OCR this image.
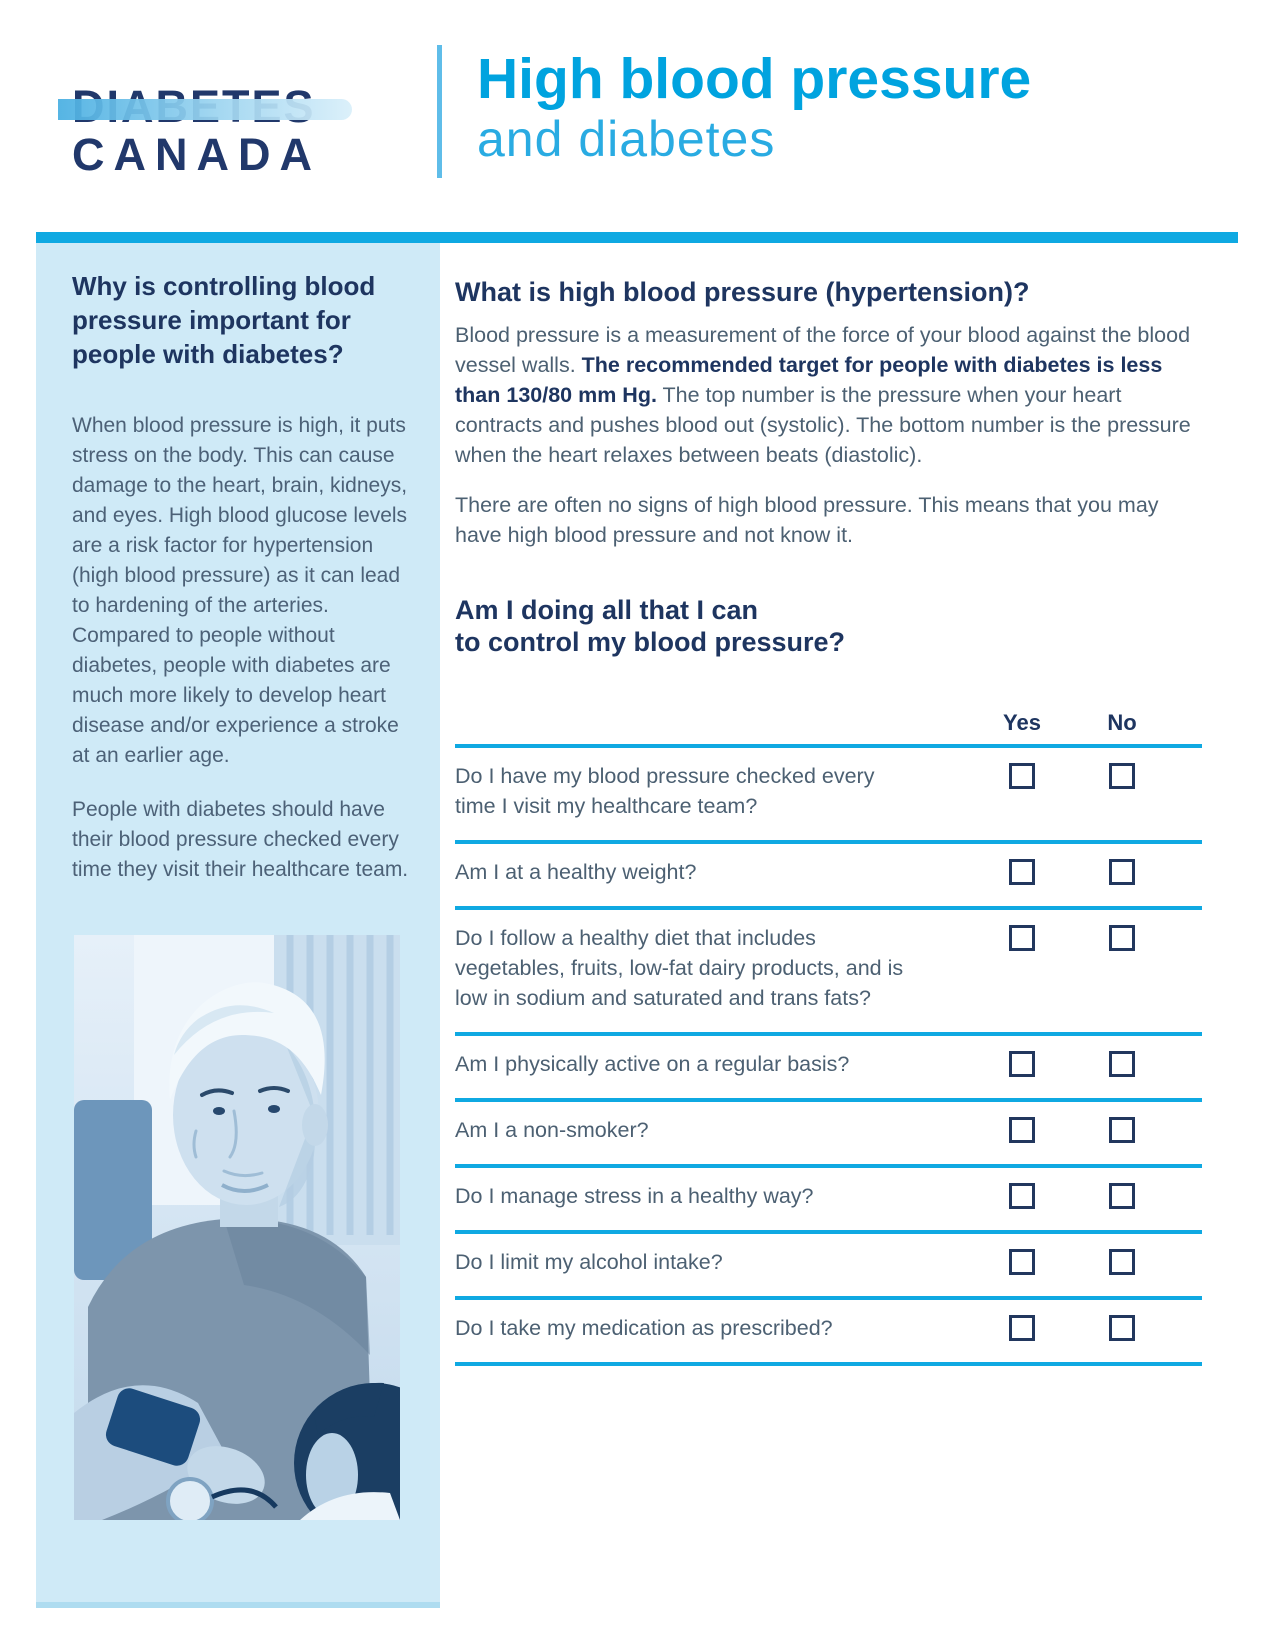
CANADA
High blood pressure
and diabetes
Why is controlling blood pressure important for people with diabetes?
When blood pressure is high, it puts stress on the body. This can cause damage to the heart, brain, kidneys, and eyes. High blood glucose levels are a risk factor for hypertension (high blood pressure) as it can lead to hardening of the arteries. Compared to people without diabetes, people with diabetes are much more likely to develop heart disease and/or experience a stroke at an earlier age.
People with diabetes should have their blood pressure checked every time they visit their healthcare team.
What is high blood pressure (hypertension)?
Blood pressure is a measurement of the force of your blood against the blood vessel walls. The recommended target for people with diabetes is less than 130/80 mm Hg. The top number is the pressure when your heart contracts and pushes blood out (systolic). The bottom number is the pressure when the heart relaxes between beats (diastolic).
There are often no signs of high blood pressure. This means that you may have high blood pressure and not know it.
Am I doing all that I can
to control my blood pressure?
Yes	No
Do I have my blood pressure checked every time I visit my healthcare team?
Am I at a healthy weight?
Do I follow a healthy diet that includes vegetables, fruits, low-fat dairy products, and is low in sodium and saturated and trans fats?
Am I physically active on a regular basis?
Am I a non-smoker?
Do I manage stress in a healthy way?
Do I limit my alcohol intake?
Do I take my medication as prescribed?
